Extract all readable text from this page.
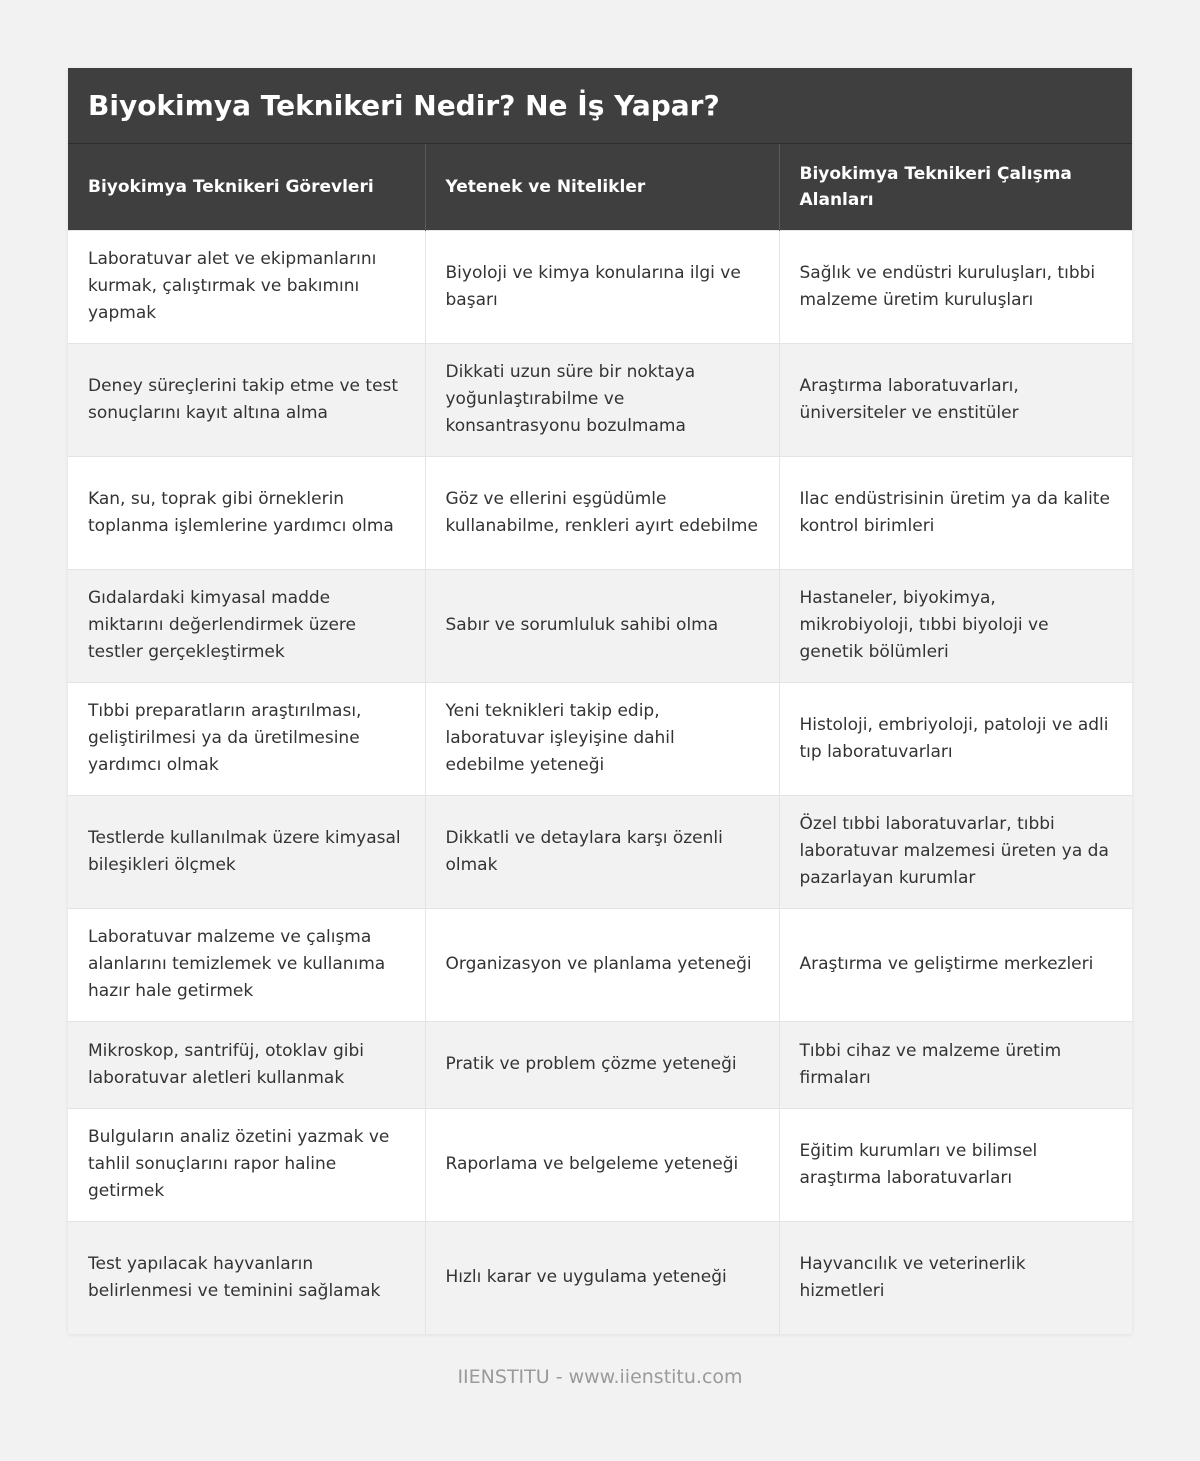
Biyokimya Teknikeri Nedir? Ne İş Yapar?
Biyokimya Teknikeri Görevleri	Yetenek ve Nitelikler	Biyokimya Teknikeri Çalışma Alanları
Laboratuvar alet ve ekipmanlarını kurmak, çalıştırmak ve bakımını yapmak	Biyoloji ve kimya konularına ilgi ve başarı	Sağlık ve endüstri kuruluşları, tıbbi malzeme üretim kuruluşları
Deney süreçlerini takip etme ve test sonuçlarını kayıt altına alma	Dikkati uzun süre bir noktaya yoğunlaştırabilme ve konsantrasyonu bozulmama	Araştırma laboratuvarları, üniversiteler ve enstitüler
Kan, su, toprak gibi örneklerin toplanma işlemlerine yardımcı olma	Göz ve ellerini eşgüdümle kullanabilme, renkleri ayırt edebilme	Ilac endüstrisinin üretim ya da kalite kontrol birimleri
Gıdalardaki kimyasal madde miktarını değerlendirmek üzere testler gerçekleştirmek	Sabır ve sorumluluk sahibi olma	Hastaneler, biyokimya, mikrobiyoloji, tıbbi biyoloji ve genetik bölümleri
Tıbbi preparatların araştırılması, geliştirilmesi ya da üretilmesine yardımcı olmak	Yeni teknikleri takip edip, laboratuvar işleyişine dahil edebilme yeteneği	Histoloji, embriyoloji, patoloji ve adli tıp laboratuvarları
Testlerde kullanılmak üzere kimyasal bileşikleri ölçmek	Dikkatli ve detaylara karşı özenli olmak	Özel tıbbi laboratuvarlar, tıbbi laboratuvar malzemesi üreten ya da pazarlayan kurumlar
Laboratuvar malzeme ve çalışma alanlarını temizlemek ve kullanıma hazır hale getirmek	Organizasyon ve planlama yeteneği	Araştırma ve geliştirme merkezleri
Mikroskop, santrifüj, otoklav gibi laboratuvar aletleri kullanmak	Pratik ve problem çözme yeteneği	Tıbbi cihaz ve malzeme üretim firmaları
Bulguların analiz özetini yazmak ve tahlil sonuçlarını rapor haline getirmek	Raporlama ve belgeleme yeteneği	Eğitim kurumları ve bilimsel araştırma laboratuvarları
Test yapılacak hayvanların belirlenmesi ve teminini sağlamak	Hızlı karar ve uygulama yeteneği	Hayvancılık ve veterinerlik hizmetleri
IIENSTITU - www.iienstitu.com
